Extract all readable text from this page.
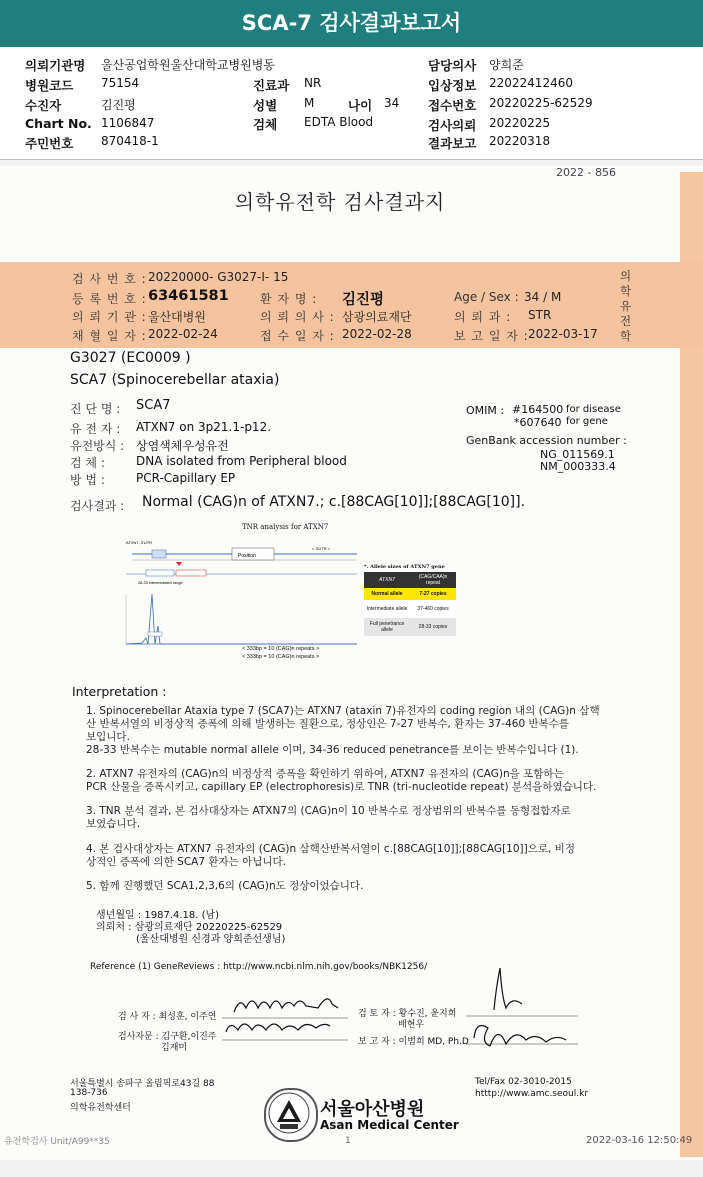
SCA-7 검사결과보고서
의뢰기관명 울산공업학원울산대학교병원병동
병원코드 75154
수진자	김진평
Chart No. 1106847
주민번호 870418-1
진료과 NR
성별 M	나이 34
검체 EDTA Blood
담당의사 양희준
입상정보 22022412460
접수번호 20220225-62529
검사의뢰 20220225
결과보고 20220318
2022 - 856
의학유전학 검사결과지
검 사 번 호 : 20220000- G3027-I- 15
등 록 번 호 : 63461581	환 자 명 : 김진평	Age / Sex : 34 / M
의 뢰 기 관 : 울산대병원	의 뢰 의 사 : 삼광의료재단	의 뢰 과 : STR
채 혈 일 자 : 2022-02-24	접 수 일 자 : 2022-02-28	보 고 일 자 : 2022-03-17
의
학
유
전
학
G3027 (EC0009 )
SCA7 (Spinocerebellar ataxia)
진 단 명 : SCA7
유 전 자 : ATXN7 on 3p21.1-p12.
유전방식 : 상염색체우성유전
검 체 :	DNA isolated from Peripheral blood
방 법 :	PCR-Capillary EP
OMIM : #164500 for disease
*607640 for gene
GenBank accession number :
NG_011569.1
NM_000333.4
검사결과 : Normal (CAG)n of ATXN7.; c.[88CAG[10]];[88CAG[10]].
TNR analysis for ATXN7
Position
ATXN7, 5'UTR
< 3'UTR >
28-33 intermediated range
*. Allele sizes of ATXN7 gene
ATXN7	(CAG/CAA)n repeat
Normal allele	7-27 copies
Intermediate allele	37-460 copies
Full penetrance allele	28-33 copies
< 333bp = 10 (CAG)n repeats >
< 333bp = 10 (CAG)n repeats >
Interpretation :
1. Spinocerebellar Ataxia type 7 (SCA7)는 ATXN7 (ataxin 7)유전자의 coding region 내의 (CAG)n 삼핵
산 반복서열의 비정상적 증폭에 의해 발생하는 질환으로, 정상인은 7-27 반복수, 환자는 37-460 반복수를
보입니다.
28-33 반복수는 mutable normal allele 이며, 34-36 reduced penetrance를 보이는 반복수입니다 (1).
2. ATXN7 유전자의 (CAG)n의 비정상적 증폭을 확인하기 위하여, ATXN7 유전자의 (CAG)n을 포함하는
PCR 산물을 증폭시키고, capillary EP (electrophoresis)로 TNR (tri-nucleotide repeat) 분석을하였습니다.
3. TNR 분석 결과, 본 검사대상자는 ATXN7의 (CAG)n이 10 반복수로 정상범위의 반복수를 동형접합자로
보였습니다.
4. 본 검사대상자는 ATXN7 유전자의 (CAG)n 삼핵산반복서열이 c.[88CAG[10]];[88CAG[10]]으로, 비정
상적인 증폭에 의한 SCA7 환자는 아닙니다.
5. 함께 진행했던 SCA1,2,3,6의 (CAG)n도 정상이었습니다.
생년월일 : 1987.4.18. (남)
의뢰처 : 삼광의료재단 20220225-62529
(울산대병원 신경과 양희준선생님)
Reference (1) GeneReviews : http://www.ncbi.nlm.nih.gov/books/NBK1256/
검 사 자 : 최성훈, 이주연
검사자문 : 김구환,이진주
김재미
검 토 자 : 황수진, 윤지희
배현우
보 고 자 : 이범희 MD, Ph.D
서울특별시 송파구 올림픽로43길 88
138-736
의학유전학센터	서울아산병원
Asan Medical Center
Tel/Fax 02-3010-2015
htttp://www.amc.seoul.kr
유전학검사 Unit/A99**35	1	2022-03-16 12:50:49
